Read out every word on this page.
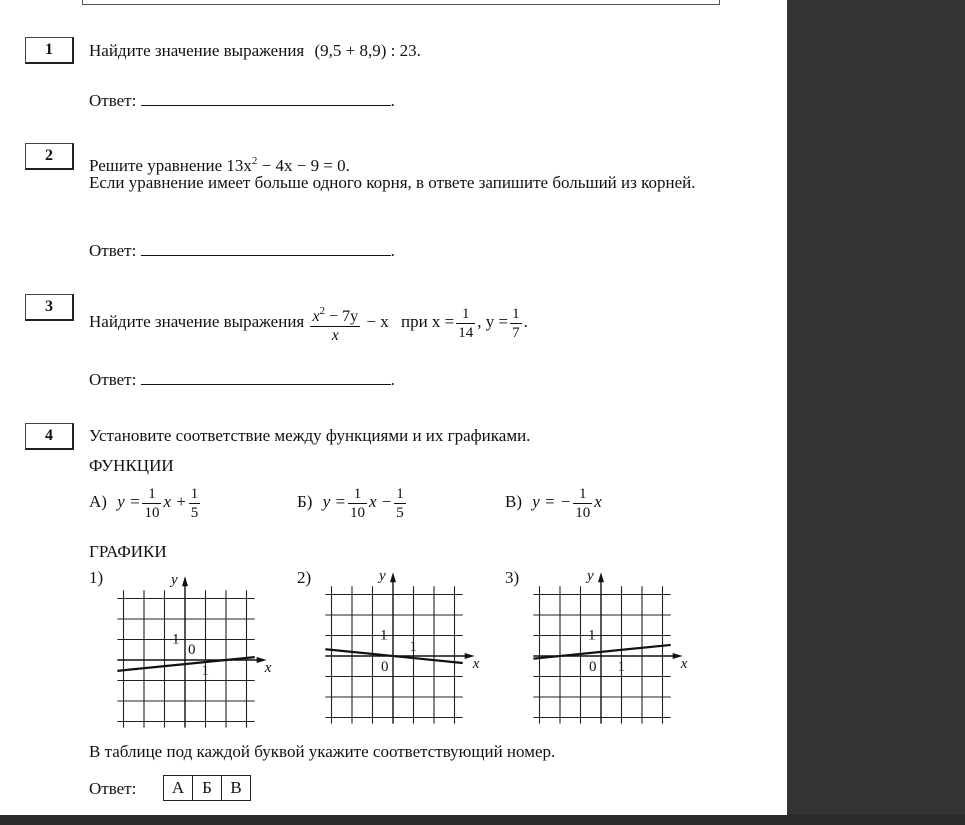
1	Найдите значение выражения (9,5 + 8,9) : 23.
Ответ:	.
2
Решите уравнение $13x^2 - 4x - 9 = 0$.
Если уравнение имеет больше одного корня, в ответе запишите больший из корней.
Ответ:	.
3
Найдите значение выражения $\frac{x^2 - 7y}{x} - x$ при $x = \frac{1}{14}$ , $y = \frac{1}{7}$ .
Ответ:	.
4	Установите соответствие между функциями и их графиками.
ФУНКЦИИ
А) $y = \frac{1}{10}$ $x + \frac{1}{5}$	Б) $y = \frac{1}{10}$ $x - \frac{1}{5}$	В) y = − $\frac{1}{10}$ x
ГРАФИКИ
1)	2)	3)
y
x
1
0
1
y
x
1
0
1
y
x
1
0 1
В таблице под каждой буквой укажите соответствующий номер.
Ответ: А	Б	В
